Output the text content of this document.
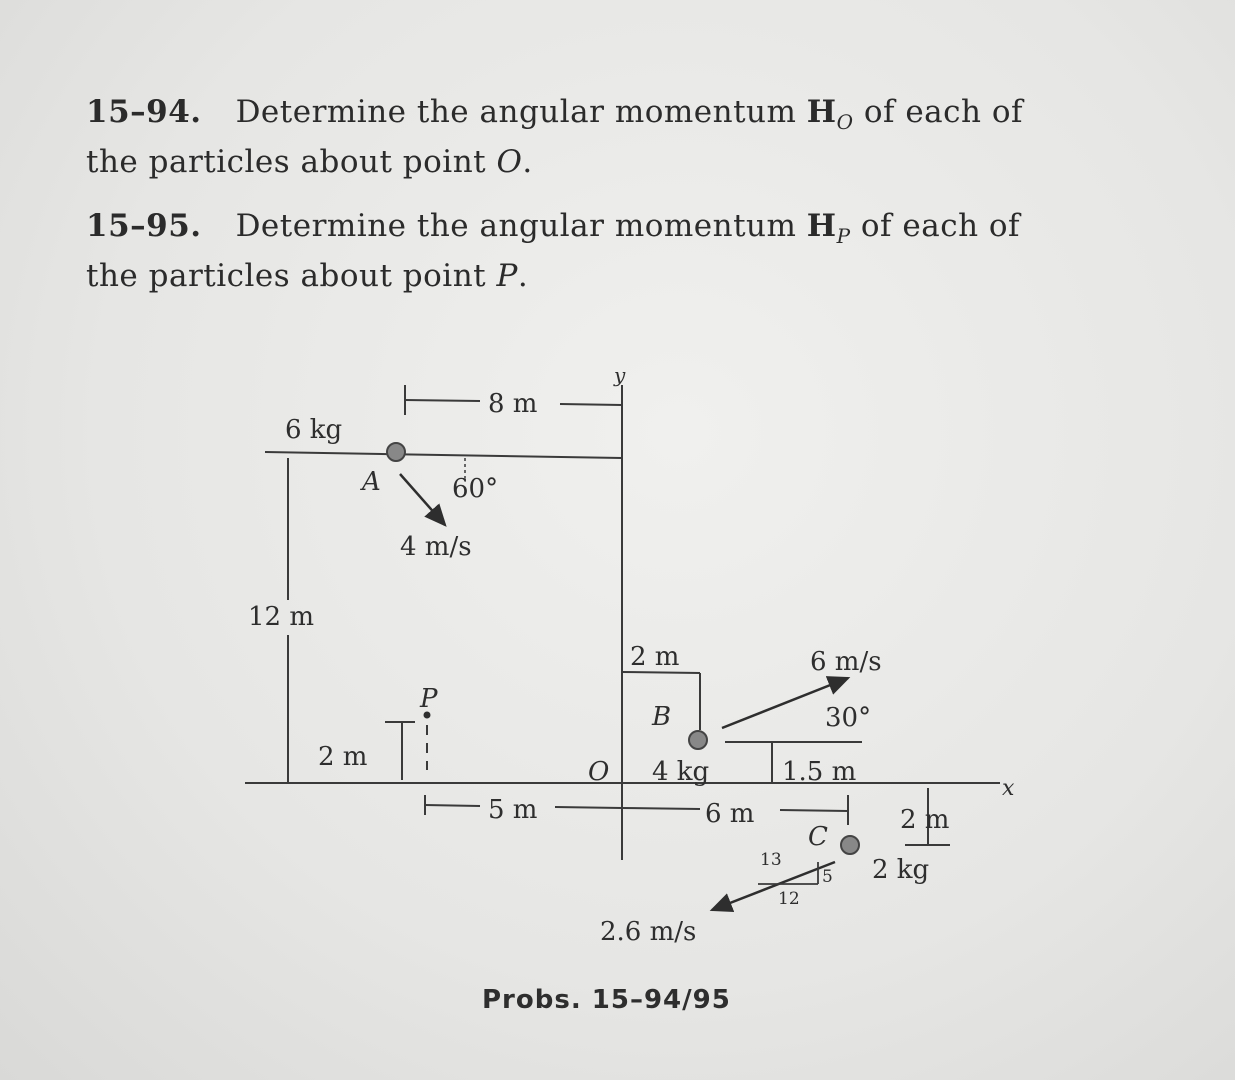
15–94. Determine the angular momentum $H_O$ of each of
the particles about point O.
15–95. Determine the angular momentum $H_P$ of each of
the particles about point P.
y
x
O
8 m
6 kg
A	60°
4 m/s
12 m
P
2 m
5 m
2 m
B
4 kg
30°
6 m/s
1.5 m
6 m	2 m
C
2 kg
13
5
12
2.6 m/s
Probs. 15–94/95
